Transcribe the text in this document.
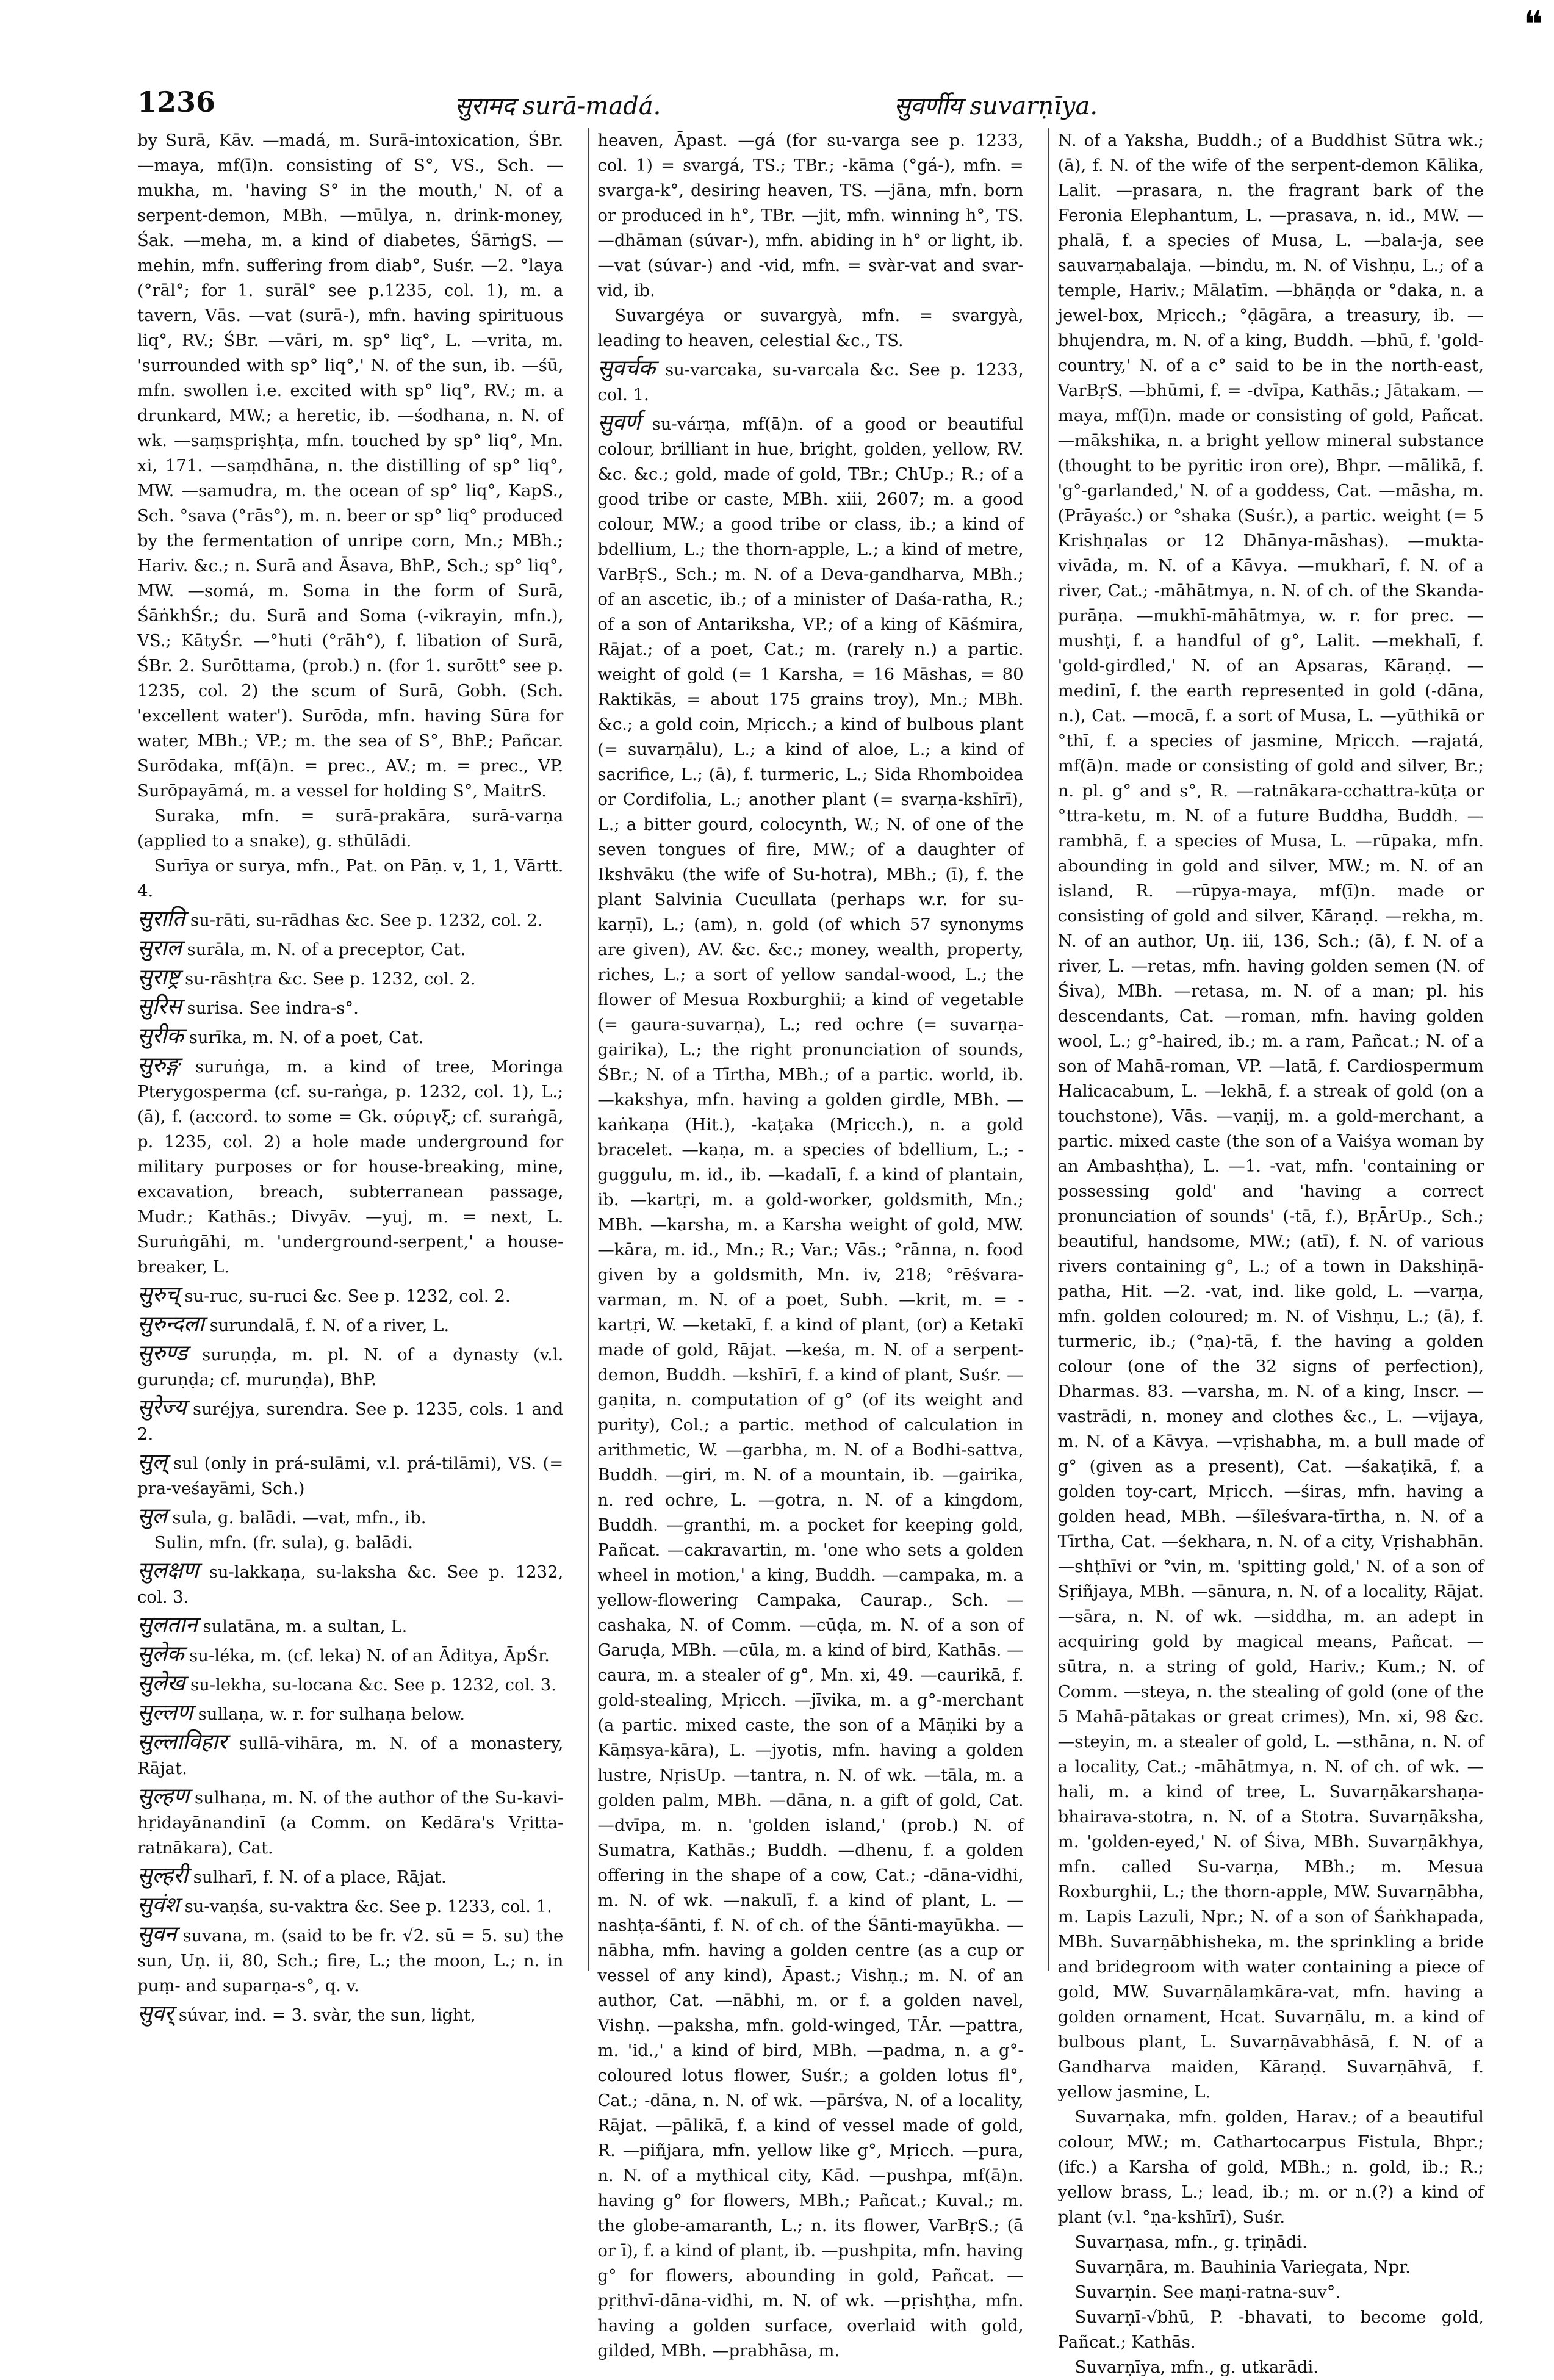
❝
1236	सुरामद surā-madá.	सुवर्णीय suvarṇīya.

by Surā, Kāv. —madá, m. Surā-intoxication, ŚBr. —maya, mf(ī)n. consisting of S°, VS., Sch. —mukha, m. 'having S° in the mouth,' N. of a serpent-demon, MBh. —mūlya, n. drink-money, Śak. —meha, m. a kind of diabetes, ŚārṅgS. —mehin, mfn. suffering from diab°, Suśr. —2. °laya (°rāl°; for 1. surāl° see p.1235, col. 1), m. a tavern, Vās. —vat (surā-), mfn. having spirituous liq°, RV.; ŚBr. —vāri, m. sp° liq°, L. —vrita, m. 'surrounded with sp° liq°,' N. of the sun, ib. —śū, mfn. swollen i.e. excited with sp° liq°, RV.; m. a drunkard, MW.; a heretic, ib. —śodhana, n. N. of wk. —saṃspriṣhṭa, mfn. touched by sp° liq°, Mn. xi, 171. —saṃdhāna, n. the distilling of sp° liq°, MW. —samudra, m. the ocean of sp° liq°, KapS., Sch. °sava (°rās°), m. n. beer or sp° liq° produced by the fermentation of unripe corn, Mn.; MBh.; Hariv. &c.; n. Surā and Āsava, BhP., Sch.; sp° liq°, MW. —somá, m. Soma in the form of Surā, ŚāṅkhŚr.; du. Surā and Soma (-vikrayin, mfn.), VS.; KātyŚr. —°huti (°rāh°), f. libation of Surā, ŚBr. 2. Surōttama, (prob.) n. (for 1. surōtt° see p. 1235, col. 2) the scum of Surā, Gobh. (Sch. 'excellent water'). Surōda, mfn. having Sūra for water, MBh.; VP.; m. the sea of S°, BhP.; Pañcar. Surōdaka, mf(ā)n. = prec., AV.; m. = prec., VP. Surōpayāmá, m. a vessel for holding S°, MaitrS.

Suraka, mfn. = surā-prakāra, surā-varṇa (applied to a snake), g. sthūlādi.

Surīya or surya, mfn., Pat. on Pāṇ. v, 1, 1, Vārtt. 4.

सुराति su-rāti, su-rādhas &c. See p. 1232, col. 2.

सुराल surāla, m. N. of a preceptor, Cat.

सुराष्ट्र su-rāshṭra &c. See p. 1232, col. 2.

सुरिस surisa. See indra-s°.

सुरीक surīka, m. N. of a poet, Cat.

सुरुङ्ग suruṅga, m. a kind of tree, Moringa Pterygosperma (cf. su-raṅga, p. 1232, col. 1), L.; (ā), f. (accord. to some = Gk. σύριγξ; cf. suraṅgā, p. 1235, col. 2) a hole made underground for military purposes or for house-breaking, mine, excavation, breach, subterranean passage, Mudr.; Kathās.; Divyāv. —yuj, m. = next, L. Suruṅgāhi, m. 'underground-serpent,' a house-breaker, L.

सुरुच् su-ruc, su-ruci &c. See p. 1232, col. 2.

सुरुन्दला surundalā, f. N. of a river, L.

सुरुण्ड suruṇḍa, m. pl. N. of a dynasty (v.l. guruṇḍa; cf. muruṇḍa), BhP.

सुरेज्य suréjya, surendra. See p. 1235, cols. 1 and 2.

सुल् sul (only in prá-sulāmi, v.l. prá-tilāmi), VS. (= pra-veśayāmi, Sch.)

सुल sula, g. balādi. —vat, mfn., ib.

Sulin, mfn. (fr. sula), g. balādi.

सुलक्षण su-lakkaṇa, su-laksha &c. See p. 1232, col. 3.

सुलतान sulatāna, m. a sultan, L.

सुलेक su-léka, m. (cf. leka) N. of an Āditya, ĀpŚr.

सुलेख su-lekha, su-locana &c. See p. 1232, col. 3.

सुल्लण sullaṇa, w. r. for sulhaṇa below.

सुल्लाविहार sullā-vihāra, m. N. of a monastery, Rājat.

सुल्हण sulhaṇa, m. N. of the author of the Su-kavi-hṛidayānandinī (a Comm. on Kedāra's Vṛitta-ratnākara), Cat.

सुल्हरी sulharī, f. N. of a place, Rājat.

सुवंश su-vaṇśa, su-vaktra &c. See p. 1233, col. 1.

सुवन suvana, m. (said to be fr. √2. sū = 5. su) the sun, Uṇ. ii, 80, Sch.; fire, L.; the moon, L.; n. in puṃ- and suparṇa-s°, q. v.

सुवर् súvar, ind. = 3. svàr, the sun, light,

heaven, Āpast. —gá (for su-varga see p. 1233, col. 1) = svargá, TS.; TBr.; -kāma (°gá-), mfn. = svarga-k°, desiring heaven, TS. —jāna, mfn. born or produced in h°, TBr. —jit, mfn. winning h°, TS. —dhāman (súvar-), mfn. abiding in h° or light, ib. —vat (súvar-) and -vid, mfn. = svàr-vat and svar-vid, ib.

Suvargéya or suvargyà, mfn. = svargyà, leading to heaven, celestial &c., TS.

सुवर्चक su-varcaka, su-varcala &c. See p. 1233, col. 1.

सुवर्ण su-várṇa, mf(ā)n. of a good or beautiful colour, brilliant in hue, bright, golden, yellow, RV. &c. &c.; gold, made of gold, TBr.; ChUp.; R.; of a good tribe or caste, MBh. xiii, 2607; m. a good colour, MW.; a good tribe or class, ib.; a kind of bdellium, L.; the thorn-apple, L.; a kind of metre, VarBṛS., Sch.; m. N. of a Deva-gandharva, MBh.; of an ascetic, ib.; of a minister of Daśa-ratha, R.; of a son of Antariksha, VP.; of a king of Kāśmira, Rājat.; of a poet, Cat.; m. (rarely n.) a partic. weight of gold (= 1 Karsha, = 16 Māshas, = 80 Raktikās, = about 175 grains troy), Mn.; MBh. &c.; a gold coin, Mṛicch.; a kind of bulbous plant (= suvarṇālu), L.; a kind of aloe, L.; a kind of sacrifice, L.; (ā), f. turmeric, L.; Sida Rhomboidea or Cordifolia, L.; another plant (= svarṇa-kshīrī), L.; a bitter gourd, colocynth, W.; N. of one of the seven tongues of fire, MW.; of a daughter of Ikshvāku (the wife of Su-hotra), MBh.; (ī), f. the plant Salvinia Cucullata (perhaps w.r. for su-karṇī), L.; (am), n. gold (of which 57 synonyms are given), AV. &c. &c.; money, wealth, property, riches, L.; a sort of yellow sandal-wood, L.; the flower of Mesua Roxburghii; a kind of vegetable (= gaura-suvarṇa), L.; red ochre (= suvarṇa-gairika), L.; the right pronunciation of sounds, ŚBr.; N. of a Tīrtha, MBh.; of a partic. world, ib. —kakshya, mfn. having a golden girdle, MBh. —kaṅkaṇa (Hit.), -kaṭaka (Mṛicch.), n. a gold bracelet. —kaṇa, m. a species of bdellium, L.; -guggulu, m. id., ib. —kadalī, f. a kind of plantain, ib. —kartṛi, m. a gold-worker, goldsmith, Mn.; MBh. —karsha, m. a Karsha weight of gold, MW. —kāra, m. id., Mn.; R.; Var.; Vās.; °rānna, n. food given by a goldsmith, Mn. iv, 218; °rēśvara-varman, m. N. of a poet, Subh. —krit, m. = -kartṛi, W. —ketakī, f. a kind of plant, (or) a Ketakī made of gold, Rājat. —keśa, m. N. of a serpent-demon, Buddh. —kshīrī, f. a kind of plant, Suśr. —gaṇita, n. computation of g° (of its weight and purity), Col.; a partic. method of calculation in arithmetic, W. —garbha, m. N. of a Bodhi-sattva, Buddh. —giri, m. N. of a mountain, ib. —gairika, n. red ochre, L. —gotra, n. N. of a kingdom, Buddh. —granthi, m. a pocket for keeping gold, Pañcat. —cakravartin, m. 'one who sets a golden wheel in motion,' a king, Buddh. —campaka, m. a yellow-flowering Campaka, Caurap., Sch. —cashaka, N. of Comm. —cūḍa, m. N. of a son of Garuḍa, MBh. —cūla, m. a kind of bird, Kathās. —caura, m. a stealer of g°, Mn. xi, 49. —caurikā, f. gold-stealing, Mṛicch. —jīvika, m. a g°-merchant (a partic. mixed caste, the son of a Māṇiki by a Kāṃsya-kāra), L. —jyotis, mfn. having a golden lustre, NṛisUp. —tantra, n. N. of wk. —tāla, m. a golden palm, MBh. —dāna, n. a gift of gold, Cat. —dvīpa, m. n. 'golden island,' (prob.) N. of Sumatra, Kathās.; Buddh. —dhenu, f. a golden offering in the shape of a cow, Cat.; -dāna-vidhi, m. N. of wk. —nakulī, f. a kind of plant, L. —nashṭa-śānti, f. N. of ch. of the Śānti-mayūkha. —nābha, mfn. having a golden centre (as a cup or vessel of any kind), Āpast.; Vishṇ.; m. N. of an author, Cat. —nābhi, m. or f. a golden navel, Vishṇ. —paksha, mfn. gold-winged, TĀr. —pattra, m. 'id.,' a kind of bird, MBh. —padma, n. a g°-coloured lotus flower, Suśr.; a golden lotus fl°, Cat.; -dāna, n. N. of wk. —pārśva, N. of a locality, Rājat. —pālikā, f. a kind of vessel made of gold, R. —piñjara, mfn. yellow like g°, Mṛicch. —pura, n. N. of a mythical city, Kād. —pushpa, mf(ā)n. having g° for flowers, MBh.; Pañcat.; Kuval.; m. the globe-amaranth, L.; n. its flower, VarBṛS.; (ā or ī), f. a kind of plant, ib. —pushpita, mfn. having g° for flowers, abounding in gold, Pañcat. —pṛithvī-dāna-vidhi, m. N. of wk. —pṛishṭha, mfn. having a golden surface, overlaid with gold, gilded, MBh. —prabhāsa, m.

N. of a Yaksha, Buddh.; of a Buddhist Sūtra wk.; (ā), f. N. of the wife of the serpent-demon Kālika, Lalit. —prasara, n. the fragrant bark of the Feronia Elephantum, L. —prasava, n. id., MW. —phalā, f. a species of Musa, L. —bala-ja, see sauvarṇabalaja. —bindu, m. N. of Vishṇu, L.; of a temple, Hariv.; Mālatīm. —bhāṇḍa or °daka, n. a jewel-box, Mṛicch.; °ḍāgāra, a treasury, ib. —bhujendra, m. N. of a king, Buddh. —bhū, f. 'gold-country,' N. of a c° said to be in the north-east, VarBṛS. —bhūmi, f. = -dvīpa, Kathās.; Jātakam. —maya, mf(ī)n. made or consisting of gold, Pañcat. —mākshika, n. a bright yellow mineral substance (thought to be pyritic iron ore), Bhpr. —mālikā, f. 'g°-garlanded,' N. of a goddess, Cat. —māsha, m. (Prāyaśc.) or °shaka (Suśr.), a partic. weight (= 5 Krishṇalas or 12 Dhānya-māshas). —mukta-vivāda, m. N. of a Kāvya. —mukharī, f. N. of a river, Cat.; -māhātmya, n. N. of ch. of the Skanda-purāṇa. —mukhī-māhātmya, w. r. for prec. —mushṭi, f. a handful of g°, Lalit. —mekhalī, f. 'gold-girdled,' N. of an Apsaras, Kāraṇḍ. —medinī, f. the earth represented in gold (-dāna, n.), Cat. —mocā, f. a sort of Musa, L. —yūthikā or °thī, f. a species of jasmine, Mṛicch. —rajatá, mf(ā)n. made or consisting of gold and silver, Br.; n. pl. g° and s°, R. —ratnākara-cchattra-kūṭa or °ttra-ketu, m. N. of a future Buddha, Buddh. —rambhā, f. a species of Musa, L. —rūpaka, mfn. abounding in gold and silver, MW.; m. N. of an island, R. —rūpya-maya, mf(ī)n. made or consisting of gold and silver, Kāraṇḍ. —rekha, m. N. of an author, Uṇ. iii, 136, Sch.; (ā), f. N. of a river, L. —retas, mfn. having golden semen (N. of Śiva), MBh. —retasa, m. N. of a man; pl. his descendants, Cat. —roman, mfn. having golden wool, L.; g°-haired, ib.; m. a ram, Pañcat.; N. of a son of Mahā-roman, VP. —latā, f. Cardiospermum Halicacabum, L. —lekhā, f. a streak of gold (on a touchstone), Vās. —vaṇij, m. a gold-merchant, a partic. mixed caste (the son of a Vaiśya woman by an Ambashṭha), L. —1. -vat, mfn. 'containing or possessing gold' and 'having a correct pronunciation of sounds' (-tā, f.), BṛĀrUp., Sch.; beautiful, handsome, MW.; (atī), f. N. of various rivers containing g°, L.; of a town in Dakshiṇā-patha, Hit. —2. -vat, ind. like gold, L. —varṇa, mfn. golden coloured; m. N. of Vishṇu, L.; (ā), f. turmeric, ib.; (°ṇa)-tā, f. the having a golden colour (one of the 32 signs of perfection), Dharmas. 83. —varsha, m. N. of a king, Inscr. —vastrādi, n. money and clothes &c., L. —vijaya, m. N. of a Kāvya. —vṛishabha, m. a bull made of g° (given as a present), Cat. —śakaṭikā, f. a golden toy-cart, Mṛicch. —śiras, mfn. having a golden head, MBh. —śīleśvara-tīrtha, n. N. of a Tīrtha, Cat. —śekhara, n. N. of a city, Vṛishabhān. —shṭhīvi or °vin, m. 'spitting gold,' N. of a son of Sṛiñjaya, MBh. —sānura, n. N. of a locality, Rājat. —sāra, n. N. of wk. —siddha, m. an adept in acquiring gold by magical means, Pañcat. —sūtra, n. a string of gold, Hariv.; Kum.; N. of Comm. —steya, n. the stealing of gold (one of the 5 Mahā-pātakas or great crimes), Mn. xi, 98 &c. —steyin, m. a stealer of gold, L. —sthāna, n. N. of a locality, Cat.; -māhātmya, n. N. of ch. of wk. —hali, m. a kind of tree, L. Suvarṇākarshaṇa-bhairava-stotra, n. N. of a Stotra. Suvarṇāksha, m. 'golden-eyed,' N. of Śiva, MBh. Suvarṇākhya, mfn. called Su-varṇa, MBh.; m. Mesua Roxburghii, L.; the thorn-apple, MW. Suvarṇābha, m. Lapis Lazuli, Npr.; N. of a son of Śaṅkhapada, MBh. Suvarṇābhisheka, m. the sprinkling a bride and bridegroom with water containing a piece of gold, MW. Suvarṇālaṃkāra-vat, mfn. having a golden ornament, Hcat. Suvarṇālu, m. a kind of bulbous plant, L. Suvarṇāvabhāsā, f. N. of a Gandharva maiden, Kāraṇḍ. Suvarṇāhvā, f. yellow jasmine, L.

Suvarṇaka, mfn. golden, Harav.; of a beautiful colour, MW.; m. Cathartocarpus Fistula, Bhpr.; (ifc.) a Karsha of gold, MBh.; n. gold, ib.; R.; yellow brass, L.; lead, ib.; m. or n.(?) a kind of plant (v.l. °ṇa-kshīrī), Suśr.

Suvarṇasa, mfn., g. tṛiṇādi.

Suvarṇāra, m. Bauhinia Variegata, Npr.

Suvarṇin. See maṇi-ratna-suv°.

Suvarṇī-√bhū, P. -bhavati, to become gold, Pañcat.; Kathās.

Suvarṇīya, mfn., g. utkarādi.
